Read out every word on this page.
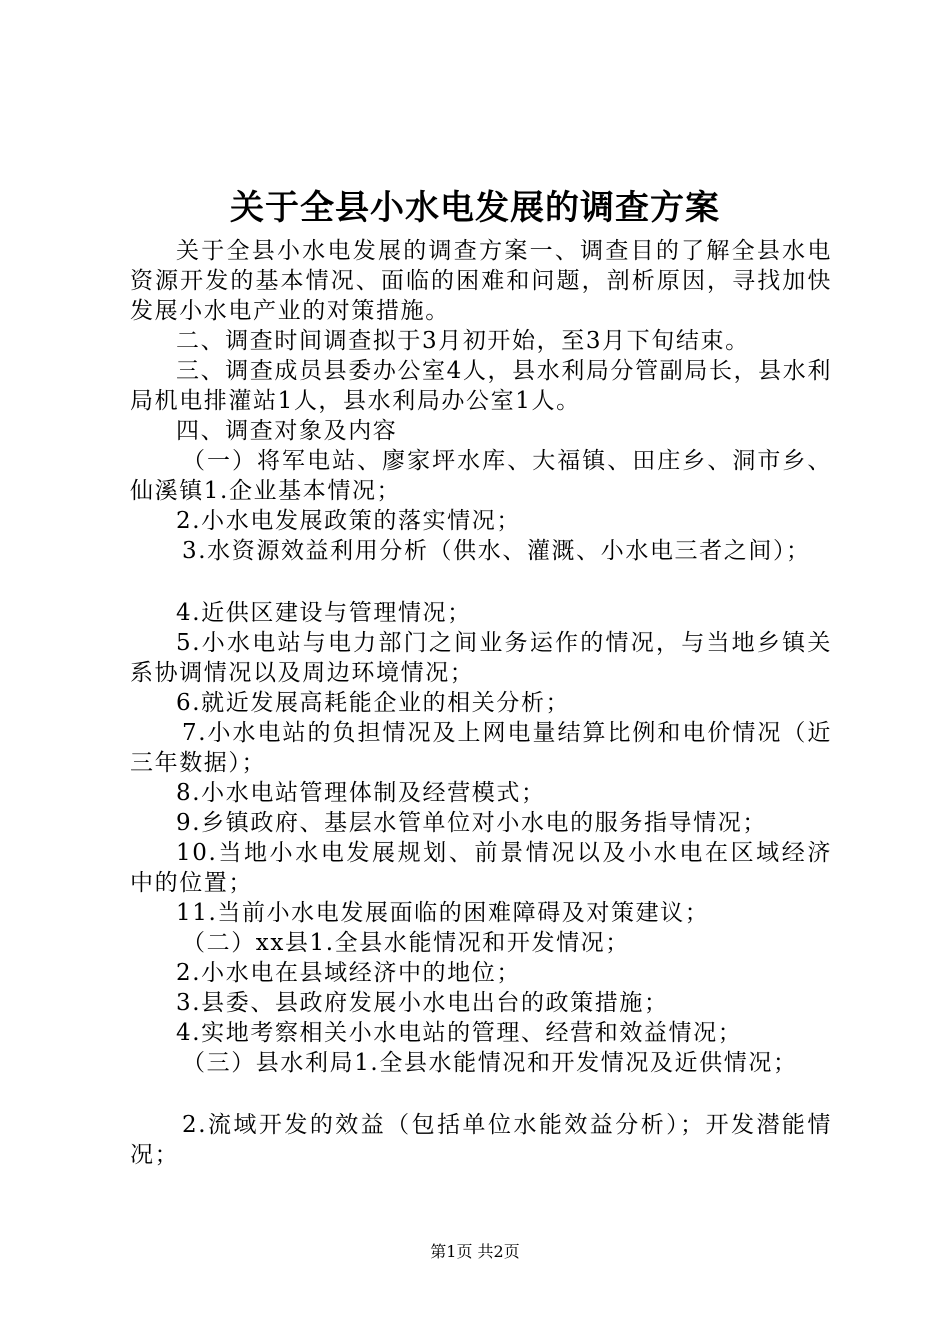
关于全县小水电发展的调查方案

关于全县小水电发展的调查方案一、调查目的了解全县水电资源开发的基本情况、面临的困难和问题，剖析原因，寻找加快发展小水电产业的对策措施。

二、调查时间调查拟于3月初开始，至3月下旬结束。

三、调查成员县委办公室4人，县水利局分管副局长，县水利局机电排灌站1人，县水利局办公室1人。

四、调查对象及内容

（一）将军电站、廖家坪水库、大福镇、田庄乡、洞市乡、仙溪镇1.企业基本情况；

2.小水电发展政策的落实情况；

3.水资源效益利用分析（供水、灌溉、小水电三者之间）；

4.近供区建设与管理情况；

5.小水电站与电力部门之间业务运作的情况，与当地乡镇关系协调情况以及周边环境情况；

6.就近发展高耗能企业的相关分析；

7.小水电站的负担情况及上网电量结算比例和电价情况（近三年数据）；

8.小水电站管理体制及经营模式；

9.乡镇政府、基层水管单位对小水电的服务指导情况；

10.当地小水电发展规划、前景情况以及小水电在区域经济中的位置；

11.当前小水电发展面临的困难障碍及对策建议；

（二）xx县1.全县水能情况和开发情况；

2.小水电在县域经济中的地位；

3.县委、县政府发展小水电出台的政策措施；

4.实地考察相关小水电站的管理、经营和效益情况；

（三）县水利局1.全县水能情况和开发情况及近供情况；

2.流域开发的效益（包括单位水能效益分析）；开发潜能情况；

第1页 共2页
